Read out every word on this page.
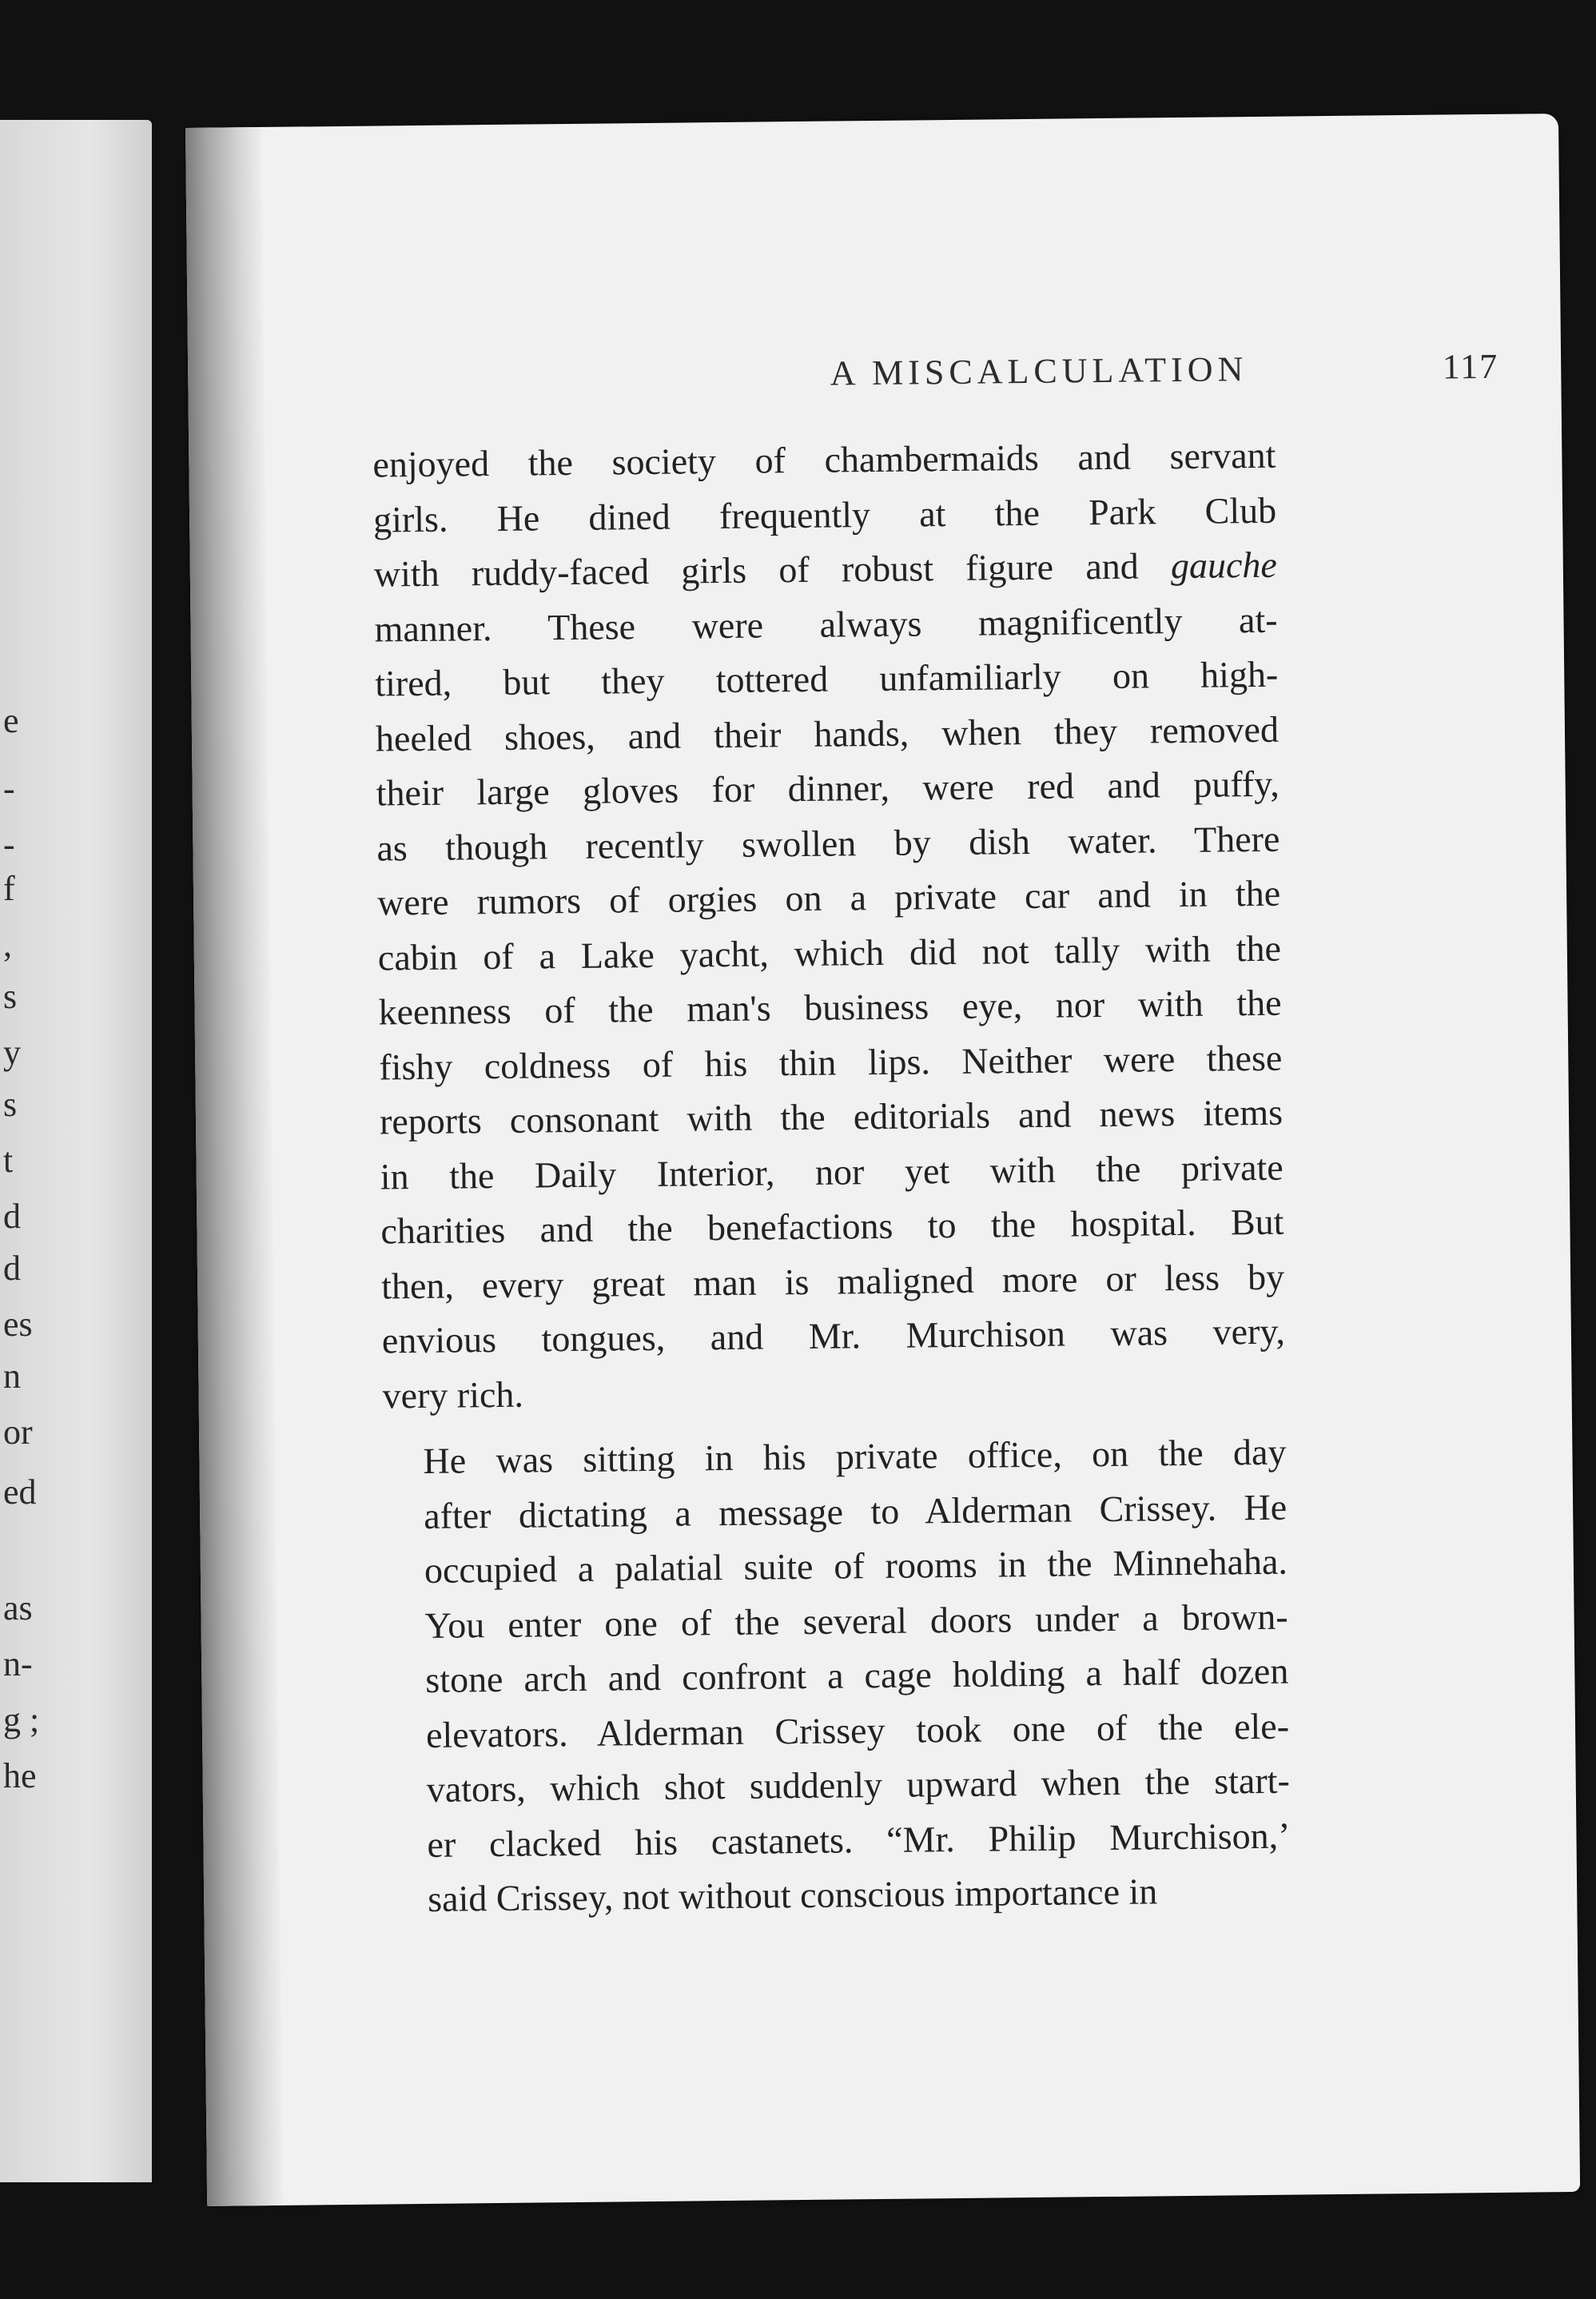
e
-
-
f
,
s
y
s
t
d
d
es
n
or
ed
as
n-
g ;
he
A MISCALCULATION	117
enjoyed the society of chambermaids and servant
girls. He dined frequently at the Park Club
with ruddy-faced girls of robust figure and gauche
manner. These were always magnificently at-
tired, but they tottered unfamiliarly on high-
heeled shoes, and their hands, when they removed
their large gloves for dinner, were red and puffy,
as though recently swollen by dish water. There
were rumors of orgies on a private car and in the
cabin of a Lake yacht, which did not tally with the
keenness of the man's business eye, nor with the
fishy coldness of his thin lips. Neither were these
reports consonant with the editorials and news items
in the Daily Interior, nor yet with the private
charities and the benefactions to the hospital. But
then, every great man is maligned more or less by
envious tongues, and Mr. Murchison was very,
very rich.
He was sitting in his private office, on the day
after dictating a message to Alderman Crissey. He
occupied a palatial suite of rooms in the Minnehaha.
You enter one of the several doors under a brown-
stone arch and confront a cage holding a half dozen
elevators. Alderman Crissey took one of the ele-
vators, which shot suddenly upward when the start-
er clacked his castanets. “Mr. Philip Murchison,’
said Crissey, not without conscious importance in
